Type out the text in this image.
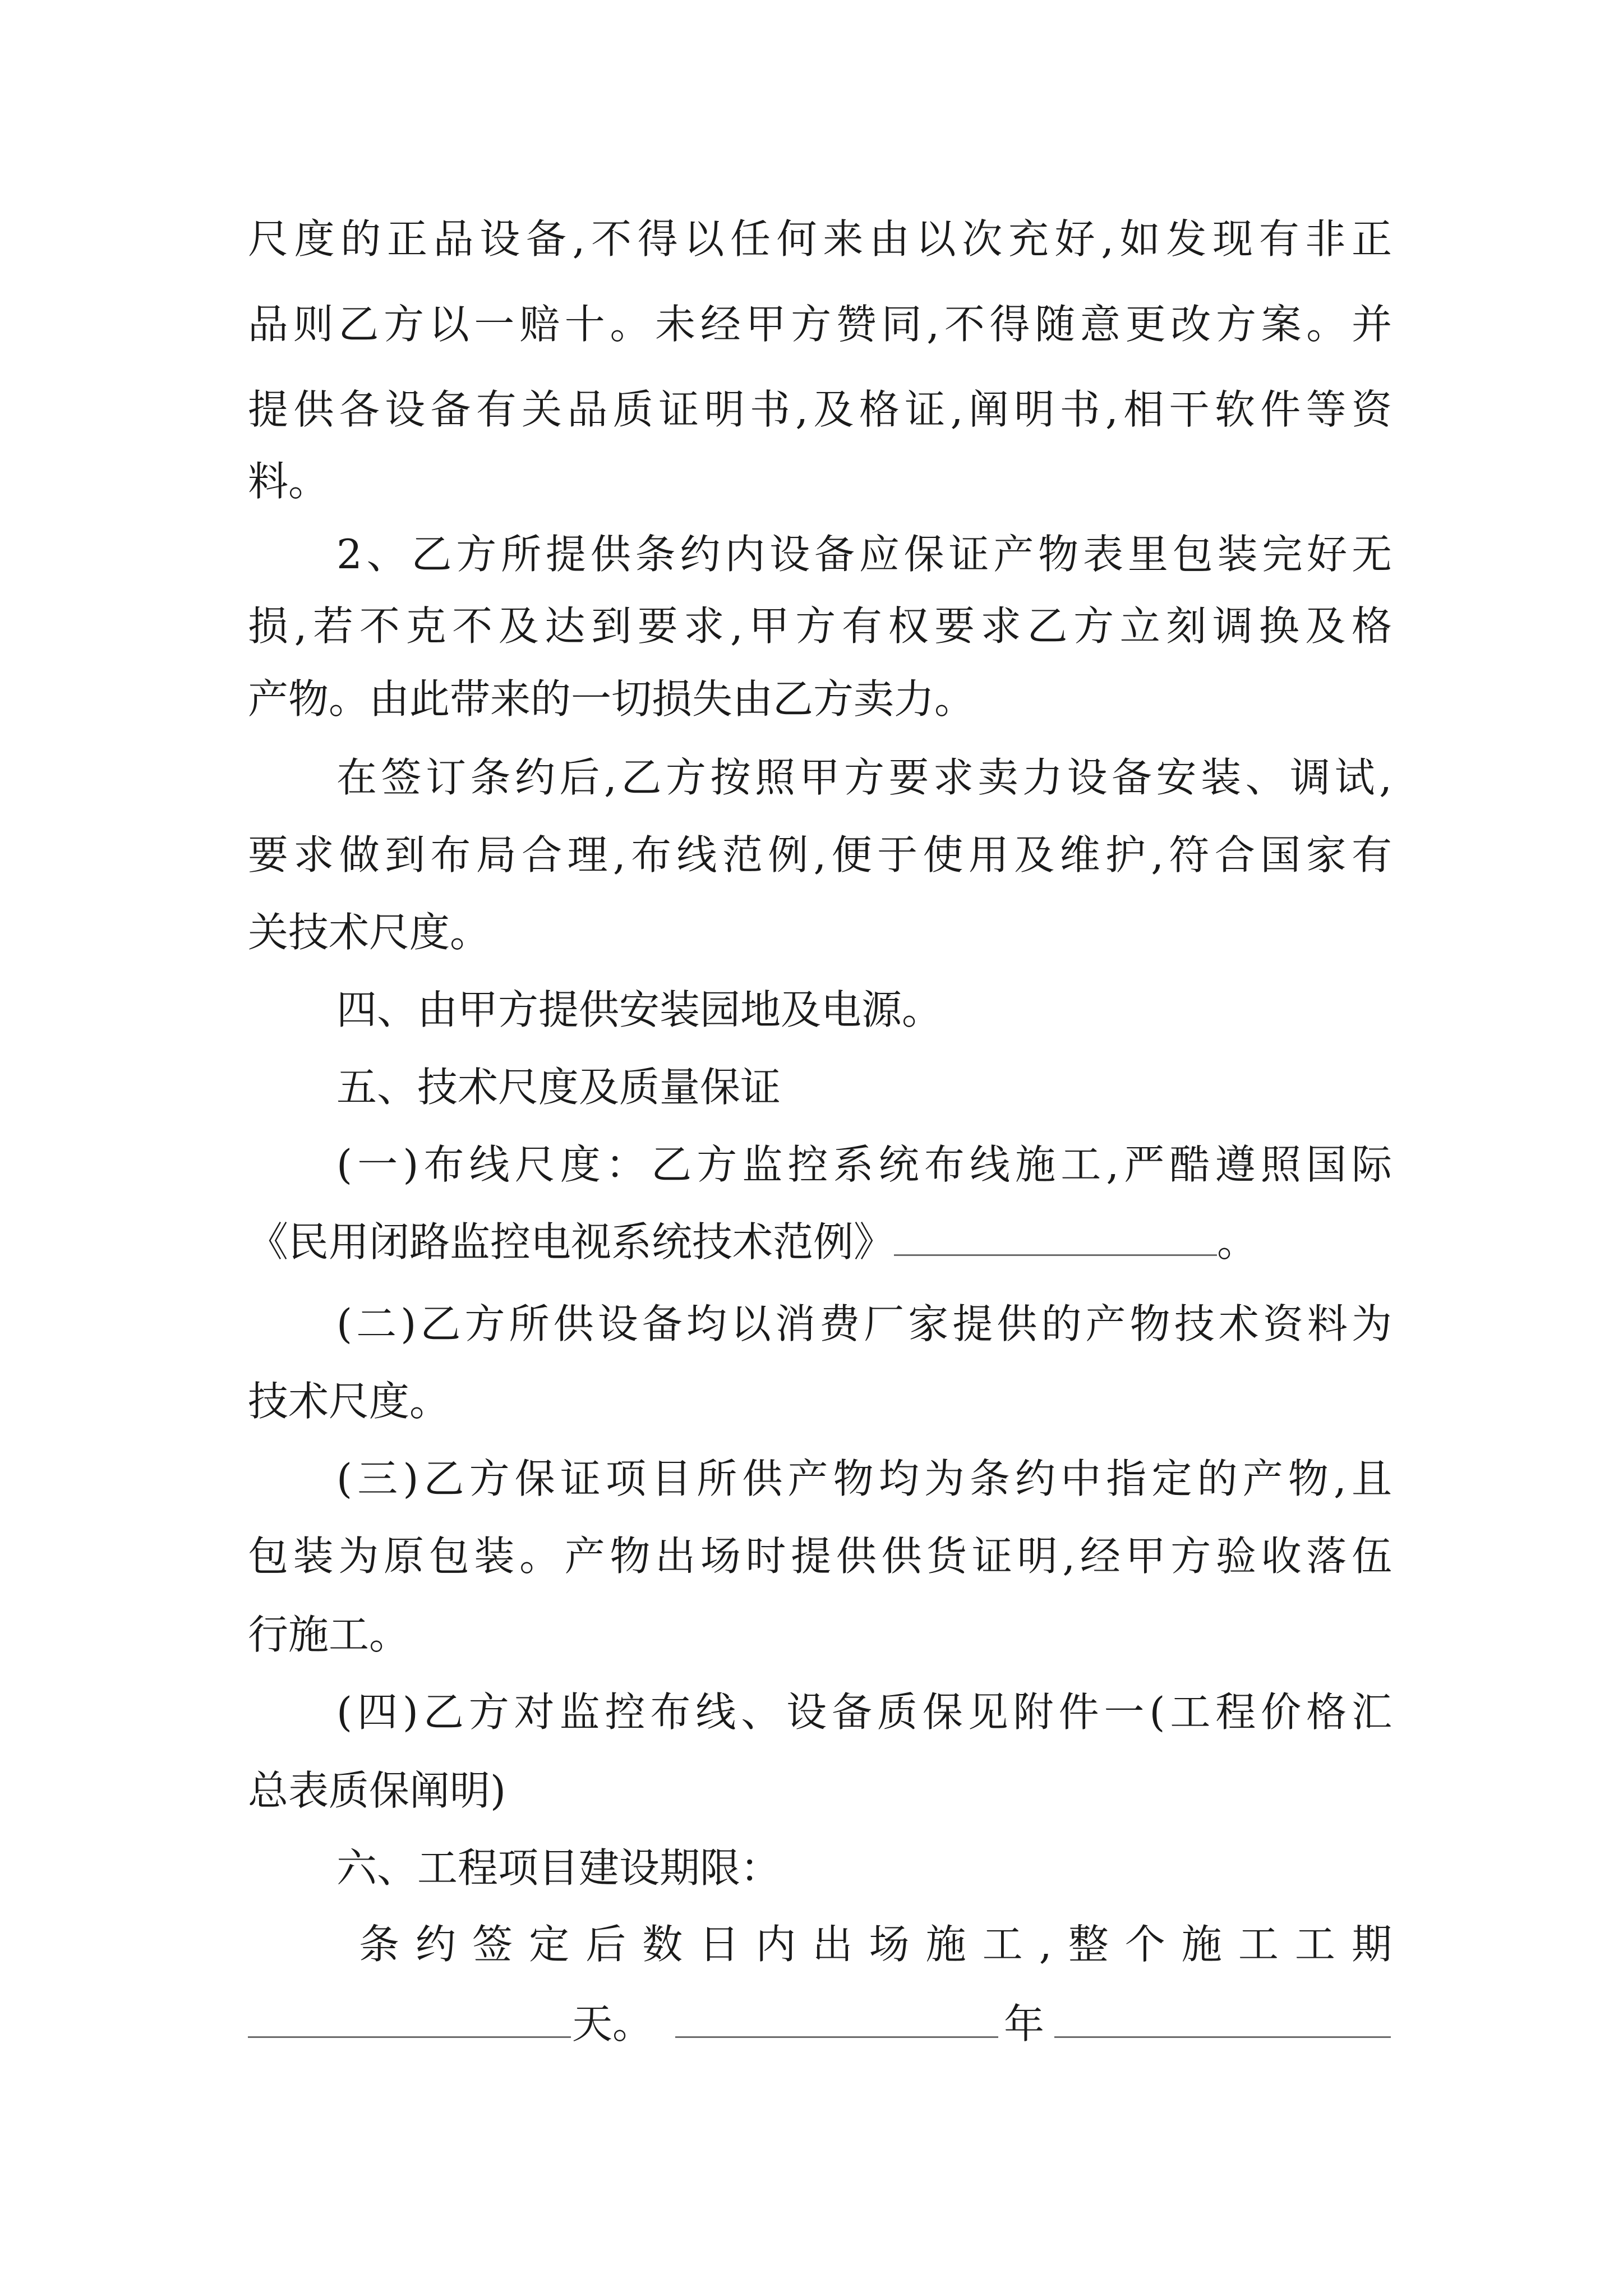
尺度的正品设备,不得以任何来由以次充好,如发现有非正
品则乙方以一赔十。未经甲方赞同,不得随意更改方案。并
提供各设备有关品质证明书,及格证,阐明书,相干软件等资
料。
2、乙方所提供条约内设备应保证产物表里包装完好无
损,若不克不及达到要求,甲方有权要求乙方立刻调换及格
产物。由此带来的一切损失由乙方卖力。
在签订条约后,乙方按照甲方要求卖力设备安装、调试,
要求做到布局合理,布线范例,便于使用及维护,符合国家有
关技术尺度。
四、由甲方提供安装园地及电源。
五、技术尺度及质量保证
(一)布线尺度：乙方监控系统布线施工,严酷遵照国际
《民用闭路监控电视系统技术范例》	。
(二)乙方所供设备均以消费厂家提供的产物技术资料为
技术尺度。
(三)乙方保证项目所供产物均为条约中指定的产物,且
包装为原包装。产物出场时提供供货证明,经甲方验收落伍
行施工。
(四)乙方对监控布线、设备质保见附件一(工程价格汇
总表质保阐明)
六、工程项目建设期限：
条约签定后数日内出场施工,整个施工工期
天。	年
